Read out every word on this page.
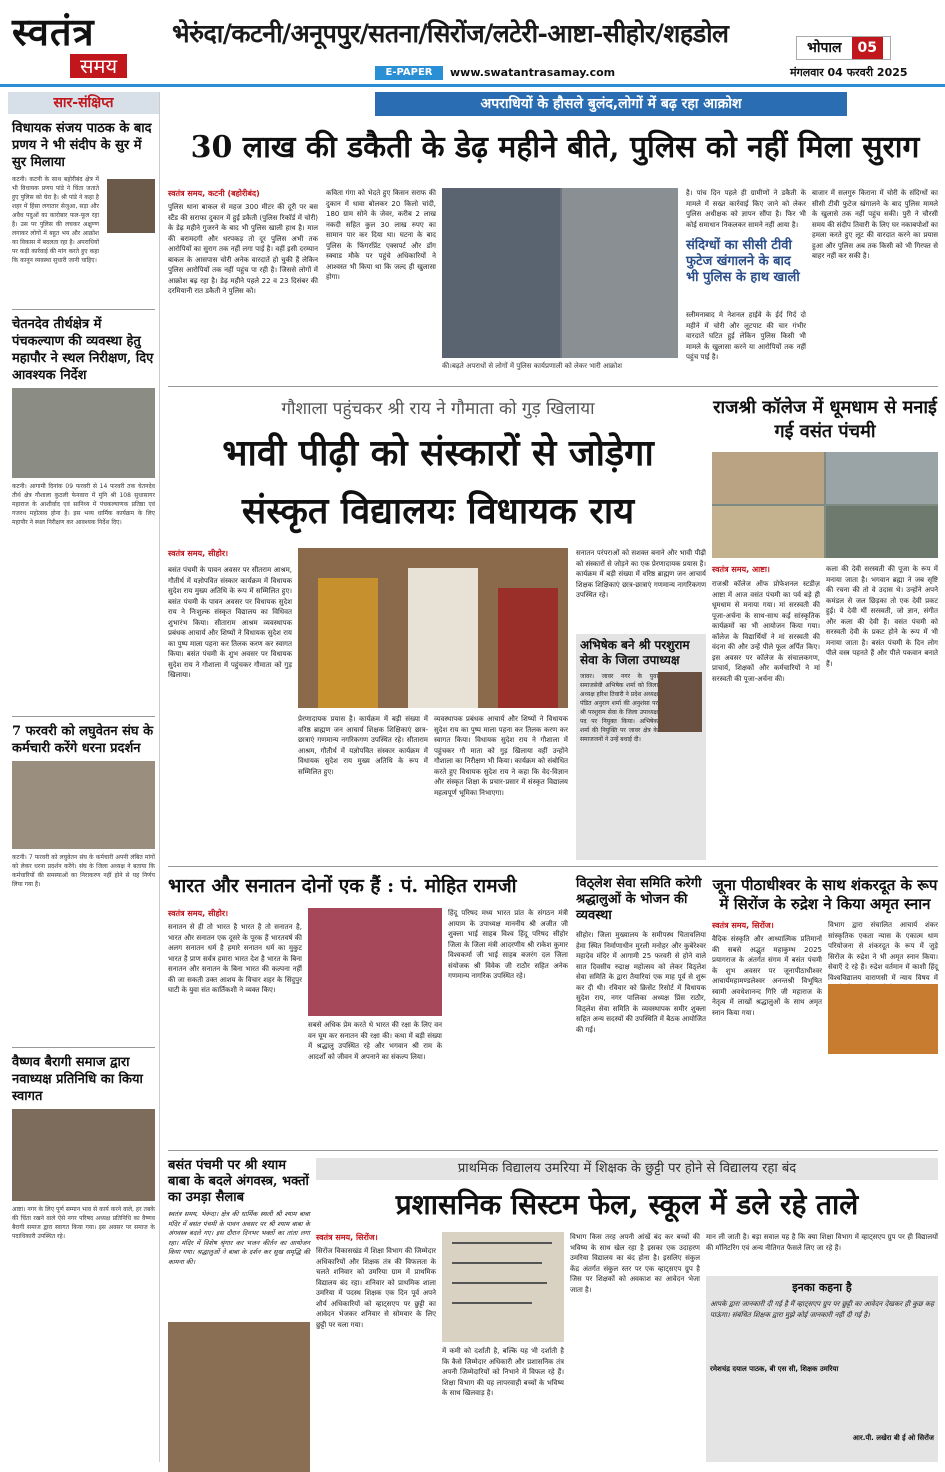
स्वतंत्र
समय
भेरुंदा/कटनी/अनूपपुर/सतना/सिरोंज/लटेरी-आष्टा-सीहोर/शहडोल	भोपाल 05
E-PAPER	www.swatantrasamay.com	मंगलवार 04 फरवरी 2025
सार-संक्षिप्त
विधायक संजय पाठक के बाद प्रणय ने भी संदीप के सुर में सुर मिलाया
कटनी। कटनी के साथ बहोरीबंद क्षेत्र में भी विधायक प्रणय पांडे ने चिंता जताते हुए पुलिस को घेरा है। श्री पांडे ने कहा है शहर में हिंसा लगातार सेजुआ, सड़ा और अवैध पदुओं का कारोबार फल-फूल रहा है। उस पर पुलिस की लचकर अक्षुण्ण लगाकर लोगों में बहुत भय और आक्रोश का विकास में बदलता रहा है। अपराधियों पर कड़ी कार्रवाई की मांग करते हुए कहा कि कानून व्यवस्था सुधारी जानी चाहिए।
चेतनदेव तीर्थक्षेत्र में पंचकल्याण की व्यवस्था हेतु महापौर ने स्थल निरीक्षण, दिए आवश्यक निर्देश
कटनी। आगामी दिनांक 09 फरवरी से 14 फरवरी तक चेतनदेव तीर्थ क्षेत्र गौशाला कुठली फेनवारा में मुनि श्री 108 सुधासागर महाराज के आशीर्वाद एवं सानिध्य में पंचकल्याणक प्रतिष्ठा एवं गजरथ महोत्सव होना है। इस भव्य धार्मिक कार्यक्रम के लिए महापौर ने स्थल निरीक्षण कर आवश्यक निर्देश दिए।
7 फरवरी को लघुवेतन संघ के कर्मचारी करेंगे धरना प्रदर्शन
कटनी। 7 फरवरी को लघुवेतन संघ के कर्मचारी अपनी लंबित मांगों को लेकर धरना प्रदर्शन करेंगे। संघ के जिला अध्यक्ष ने बताया कि कर्मचारियों की समस्याओं का निराकरण नहीं होने से यह निर्णय लिया गया है।
वैष्णव बैरागी समाज द्वारा नवाध्यक्ष प्रतिनिधि का किया स्वागत
आष्टा। नगर के लिए पूर्ण सम्मान भाव से कार्य करने वाले, हर तबके की चिंता रखने वाले ऐसे नगर परिषद अध्यक्ष प्रतिनिधि का वैष्णव बैरागी समाज द्वारा स्वागत किया गया। इस अवसर पर समाज के पदाधिकारी उपस्थित रहे।
अपराधियों के हौसले बुलंद,लोगों में बढ़ रहा आक्रोश
30 लाख की डकैती के डेढ़ महीने बीते, पुलिस को नहीं मिला सुराग
स्वतंत्र समय, कटनी (बहोरीबंद)
पुलिस थाना बाकल से महज 300 मीटर की दूरी पर बस स्टैंड की सराफा दुकान में हुई डकैती (पुलिस रिकॉर्ड में चोरी) के डेढ़ महीने गुजरने के बाद भी पुलिस खाली हाथ है। माल की बरामदगी और धरपकड़ तो दूर पुलिस अभी तक आरोपियों का सुराग तक नहीं लगा पाई है। वहीं इसी दरम्यान बाकल के आसपास चोरी अनेक वारदातें हो चुकी हैं लेकिन पुलिस आरोपियों तक नहीं पहुंच पा रही है। जिससे लोगों में आक्रोश बढ़ रहा है। डेढ़ महीने पहले 22 व 23 दिसंबर की दरमियानी रात डकैती ने पुलिस को।
कविता गंगा को भेदते हुए किसन सराफ की दुकान में धावा बोलकर 20 किलो चांदी, 180 ग्राम सोने के जेवर, करीब 2 लाख नकदी सहित कुल 30 लाख रुपए का सामान पार कर दिया था। घटना के बाद पुलिस के फिंगरप्रिंट एक्सपर्ट और डॉग स्क्वाड मौके पर पहुंचे अधिकारियों ने आश्वस्त भी किया था कि जल्द ही खुलासा होगा।
की।बढ़ते अपराधों से लोगों में पुलिस कार्यप्रणाली को लेकर भारी आक्रोश
है। पांच दिन पहले ही ग्रामीणों ने डकैती के मामले में सख्त कार्रवाई किए जाने को लेकर पुलिस अधीक्षक को ज्ञापन सौंपा है। फिर भी कोई समाधान निकलकर सामने नहीं आया है।
संदिग्धों का सीसी टीवी फुटेज खंगालने के बाद भी पुलिस के हाथ खाली
स्लीमनाबाद मे नेशनल हाईवे के ईर्द गिर्द दो महीने में चोरी और लूटपाट की चार गंभीर वारदातें घटित हुई लेकिन पुलिस किसी भी मामले के खुलासा करने या आरोपियों तक नहीं पहुंच पाई है।
बाजार में सलगुरु किराना में चोरी के संदिग्धों का सीसी टीवी फुटेज खंगालने के बाद पुलिस मामले के खुलासे तक नहीं पहुंच सकी। पुरी ने चौरसी समय की संदीप तिवारी के लिए घर नकाबपोशों का हमला करते हुए लूट की वारदात करने का प्रयास हुआ और पुलिस अब तक किसी को भी गिरफ्त से बाहर नहीं कर सकी है।
गौशाला पहुंचकर श्री राय ने गौमाता को गुड़ खिलाया
भावी पीढ़ी को संस्कारों से जोड़ेगा
संस्कृत विद्यालयः विधायक राय
स्वतंत्र समय, सीहोर।
बसंत पंचमी के पावन अवसर पर सीतराम आश्रम, गौतीर्थ में यज्ञोपवित संस्कार कार्यक्रम में विधायक सुदेश राय मुख्य अतिथि के रूप में सम्मिलित हुए। बसंत पंचमी के पावन अवसर पर विधायक सुदेश राय ने निःशुल्क संस्कृत विद्यालय का विधिवत शुभारंभ किया। सीताराम आश्रम व्यवस्थापक प्रबंधक आचार्य और शिष्यों ने विधायक सुदेश राय का पुष्प माला पहना कर तिलक करण कर स्वागत किया। बसंत पंचमी के शुभ अवसर पर विधायक सुदेश राय ने गौशाला में पहुंचकर गौमाता को गुड़ खिलाया।
प्रेरणादायक प्रयास है। कार्यक्रम में बड़ी संख्या में वरिष्ठ ब्राह्मण जन आचार्य शिक्षक शिक्षिकाएं छात्र-छात्राएं गणमान्य नगरिकगण उपस्थित रहे। सीताराम आश्रम, गौतीर्थ में यज्ञोपवित संस्कार कार्यक्रम में विधायक सुदेश राय मुख्य अतिथि के रूप में सम्मिलित हुए।
व्यवस्थापक प्रबंधक आचार्य और शिष्यों ने विधायक सुदेश राय का पुष्प माला पहना कर तिलक करण कर स्वागत किया। विधायक सुदेश राय ने गौशाला में पहुंचकर गौ माता को गुड़ खिलाया वहीं उन्होंने गौशाला का निरीक्षण भी किया। कार्यक्रम को संबोधित करते हुए विधायक सुदेश राय ने कहा कि वेद-विज्ञान और संस्कृत शिक्षा के प्रचार-प्रसार में संस्कृत विद्यालय महत्वपूर्ण भूमिका निभाएगा।
सनातन परंपराओं को सशक्त बनाने और भावी पीढ़ी को संस्कारों से जोड़ने का एक प्रेरणादायक प्रयास है। कार्यक्रम में बड़ी संख्या में वरिष्ठ ब्राह्मण जन आचार्य शिक्षक शिक्षिकाएं छात्र-छात्राएं गणमान्य नागरिकगण उपस्थित रहे।
अभिषेक बने श्री परशुराम सेवा के जिला उपाध्यक्ष
जावर। जावर नगर के युवा समाजसेवी अभिषेक शर्मा को जिला अध्यक्ष हरिश तिवारी ने प्रदेश अध्यक्ष पंडित अनुराग शर्मा की अनुशंसा पर श्री परशुराम सेवा के जिला उपाध्यक्ष पद पर नियुक्त किया। अभिषेक शर्मा की नियुक्ति पर जावर क्षेत्र के समाजजनों ने उन्हें बधाई दी।
राजश्री कॉलेज में धूमधाम से मनाई गई वसंत पंचमी
स्वतंत्र समय, आष्टा।
राजश्री कॉलेज ऑफ प्रोफेशनल स्टडीज़ आष्टा में आज वसंत पंचमी का पर्व बड़े ही धूमधाम से मनाया गया। मां सरस्वती की पूजा-अर्चना के साथ-साथ कई सांस्कृतिक कार्यक्रमों का भी आयोजन किया गया। कॉलेज के विद्यार्थियों ने मां सरस्वती की वंदना की और उन्हें पीले फूल अर्पित किए। इस अवसर पर कॉलेज के संचालकगण, प्राचार्य, शिक्षकों और कर्मचारियों ने मां सरस्वती की पूजा-अर्चना की।
कला की देवी सरस्वती की पूजा के रूप में मनाया जाता है। भगवान ब्रह्मा ने जब सृष्टि की रचना की तो वे उदास थे। उन्होंने अपने कमंडल से जल छिड़का तो एक देवी प्रकट हुई। ये देवी थीं सरस्वती, जो ज्ञान, संगीत और कला की देवी हैं। वसंत पंचमी को सरस्वती देवी के प्रकट होने के रूप में भी मनाया जाता है। बसंत पंचमी के दिन लोग पीले वस्त्र पहनते हैं और पीले पकवान बनाते हैं।
भारत और सनातन दोनों एक हैं : पं. मोहित रामजी
स्वतंत्र समय, सीहोर।
सनातन से ही तो भारत है भारत है तो सनातन है, भारत और सनातन एक दूसरे के पूरक हैं भारतवर्ष की अलग सनातन धर्म है हमारे सनातन धर्म का मुकुट भारत है प्राण सर्वत्र हमारा भारत देश है भारत के बिना सनातन और सनातन के बिना भारत की कल्पना नहीं की जा सकती उक्त आशय के विचार शहर के सिंदुपुर घाटी के युवा संत कार्तिकशी ने व्यक्त किए।
सबसे अधिक प्रेम करते थे भारत की रक्षा के लिए वन वन घूम कर सनातन की रक्षा की। कथा में बड़ी संख्या में श्रद्धालु उपस्थित रहे और भगवान श्री राम के आदर्शों को जीवन में अपनाने का संकल्प लिया।
हिंदू परिषद मध्य भारत प्रांत के संगठन मंत्री आयाम के उपाध्यक्ष माननीय श्री अजीत जी शुक्ला भाई साहब विश्व हिंदू परिषद सीहोर जिला के जिला मंत्री आदरणीय श्री राकेश कुमार विश्वकर्मा जी भाई साहब बजरंग दल जिला संयोजक श्री विवेक जी राठौर सहित अनेक गणमान्य नागरिक उपस्थित रहे।
विठ्लेश सेवा समिति करेगी श्रद्धालुओं के भोजन की व्यवस्था
सीहोर। जिला मुख्यालय के समीपस्थ चितावलिया हेमा स्थित निर्माणाधीन मुरली मनोहर और कुबेरेश्वर महादेव मंदिर में आगामी 25 फरवरी से होने वाले सात दिवसीय रुद्राक्ष महोत्सव को लेकर विठ्लेश सेवा समिति के द्वारा तैयारियां एक माह पूर्व से शुरू कर दी थी। रविवार को क्रिसेंट रिसोर्ट में विधायक सुदेश राय, नगर पालिका अध्यक्ष प्रिंस राठौर, विठ्लेश सेवा समिति के व्यवस्थापक समीर शुक्ला सहित अन्य सदस्यों की उपस्थिति में बैठक आयोजित की गई।
जूना पीठाधीश्वर के साथ शंकरदूत के रूप में सिरोंज के रुद्रेश ने किया अमृत स्नान
स्वतंत्र समय, सिरोंज।
वैदिक संस्कृति और आध्यात्मिक प्रतिमानों की सबसे अद्भुत महाकुम्भ 2025 प्रयागराज के अंतर्गत संगम में बसंत पंचमी के शुभ अवसर पर जूनापीठाधीश्वर आचार्यमहामण्डलेश्वर अनन्तश्री विभूषित स्वामी अवधेशानन्द गिरि जी महाराज के नेतृत्व में लाखों श्रद्धालुओं के साथ अमृत स्नान किया गया।
विभाग द्वारा संचालित आचार्य शंकर सांस्कृतिक एकता न्यास के एकात्म धाम परियोजना से शंकरदूत के रूप में जुड़े सिरोंज के रुद्रेश ने भी अमृत स्नान किया। सेवाएँ दे रहे हैं। रुद्रेश वर्तमान में काशी हिंदू विश्वविद्यालय वाराणसी में न्याय विषय में
बसंत पंचमी पर श्री श्याम बाबा के बदले अंगवस्त्र, भक्तों का उमड़ा सैलाब
स्वतंत्र समय, भेरूंदा। क्षेत्र की धार्मिक स्थली श्री श्याम बाबा मंदिर में बसंत पंचमी के पावन अवसर पर श्री श्याम बाबा के अंगवस्त्र बदले गए। इस दौरान दिनभर भक्तों का तांता लगा रहा। मंदिर में विशेष श्रृंगार कर भजन कीर्तन का आयोजन किया गया। श्रद्धालुओं ने बाबा के दर्शन कर सुख समृद्धि की कामना की।
प्राथमिक विद्यालय उमरिया में शिक्षक के छुट्टी पर होने से विद्यालय रहा बंद
प्रशासनिक सिस्टम फेल, स्कूल में डले रहे ताले
स्वतंत्र समय, सिरोंज।
सिरोंज विकासखंड में शिक्षा विभाग की जिम्मेदार अधिकारियों और शिक्षक तंत्र की विफलता के चलते शनिवार को उमरिया ग्राम में प्राथमिक विद्यालय बंद रहा। शनिवार को प्राथमिक शाला उमरिया में पदस्थ शिक्षक एक दिन पूर्व अपने शौर्य अधिकारियों को व्हाट्सएप पर छुट्टी का आवेदन भेजकर शनिवार से सोमवार के लिए छुट्टी पर चला गया।
में कमी को दर्शाती है, बल्कि यह भी दर्शाती है कि कैसे जिम्मेदार अधिकारी और प्रशासनिक तंत्र अपनी जिम्मेदारियों को निभाने में विफल रहे हैं। शिक्षा विभाग की यह लापरवाही बच्चों के भविष्य के साथ खिलवाड़ है।
विभाग किस तरह अपनी आंखें बंद कर बच्चों की भविष्य के साथ खेल रहा है इसका एक उदाहरण उमरिया विद्यालय का बंद होना है। इसलिए संकुल केंद्र अंतर्गत संकुल स्तर पर एक व्हाट्सएप ग्रुप है जिस पर शिक्षकों को अवकाश का आवेदन भेजा जाता है।
मान ली जाती है। बड़ा सवाल यह है कि क्या शिक्षा विभाग में व्हाट्सएप ग्रुप पर ही विद्यालयों की मॉनिटरिंग एवं अन्य नीतिगत फैसले लिए जा रहे हैं।
इनका कहना है
आपके द्वारा जानकारी दी गई है मैं व्हाट्सएप ग्रुप पर छुट्टी का आवेदन देखकर ही कुछ कह पाऊंगा। संबंधित शिक्षक द्वारा मुझे कोई जानकारी नहीं दी गई है।
रमेशचंद्र दयाल पाठक, बी एस सी, शिक्षक उमरिया
आर.पी. लखेरा बी ई ओ सिरोंज
